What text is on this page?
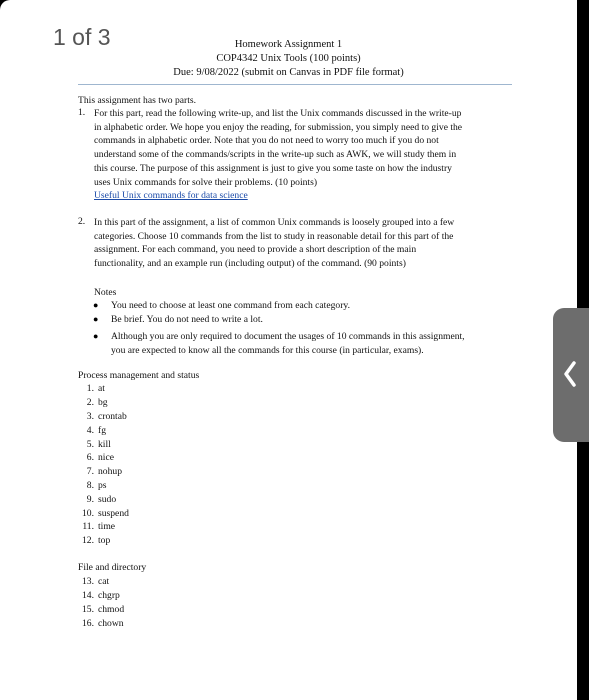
1 of 3	Homework Assignment 1
COP4342 Unix Tools (100 points)
Due: 9/08/2022 (submit on Canvas in PDF file format)
This assignment has two parts.
1. For this part, read the following write-up, and list the Unix commands discussed in the write-up
in alphabetic order. We hope you enjoy the reading, for submission, you simply need to give the
commands in alphabetic order. Note that you do not need to worry too much if you do not
understand some of the commands/scripts in the write-up such as AWK, we will study them in
this course. The purpose of this assignment is just to give you some taste on how the industry
uses Unix commands for solve their problems. (10 points)
Useful Unix commands for data science
2. In this part of the assignment, a list of common Unix commands is loosely grouped into a few
categories. Choose 10 commands from the list to study in reasonable detail for this part of the
assignment. For each command, you need to provide a short description of the main
functionality, and an example run (including output) of the command. (90 points)
Notes
● You need to choose at least one command from each category.
● Be brief. You do not need to write a lot.
● Although you are only required to document the usages of 10 commands in this assignment,
you are expected to know all the commands for this course (in particular, exams).
Process management and status
1. at
2. bg
3. crontab
4. fg
5. kill
6. nice
7. nohup
8. ps
9. sudo
10. suspend
11. time
12. top
File and directory
13. cat
14. chgrp
15. chmod
16. chown
